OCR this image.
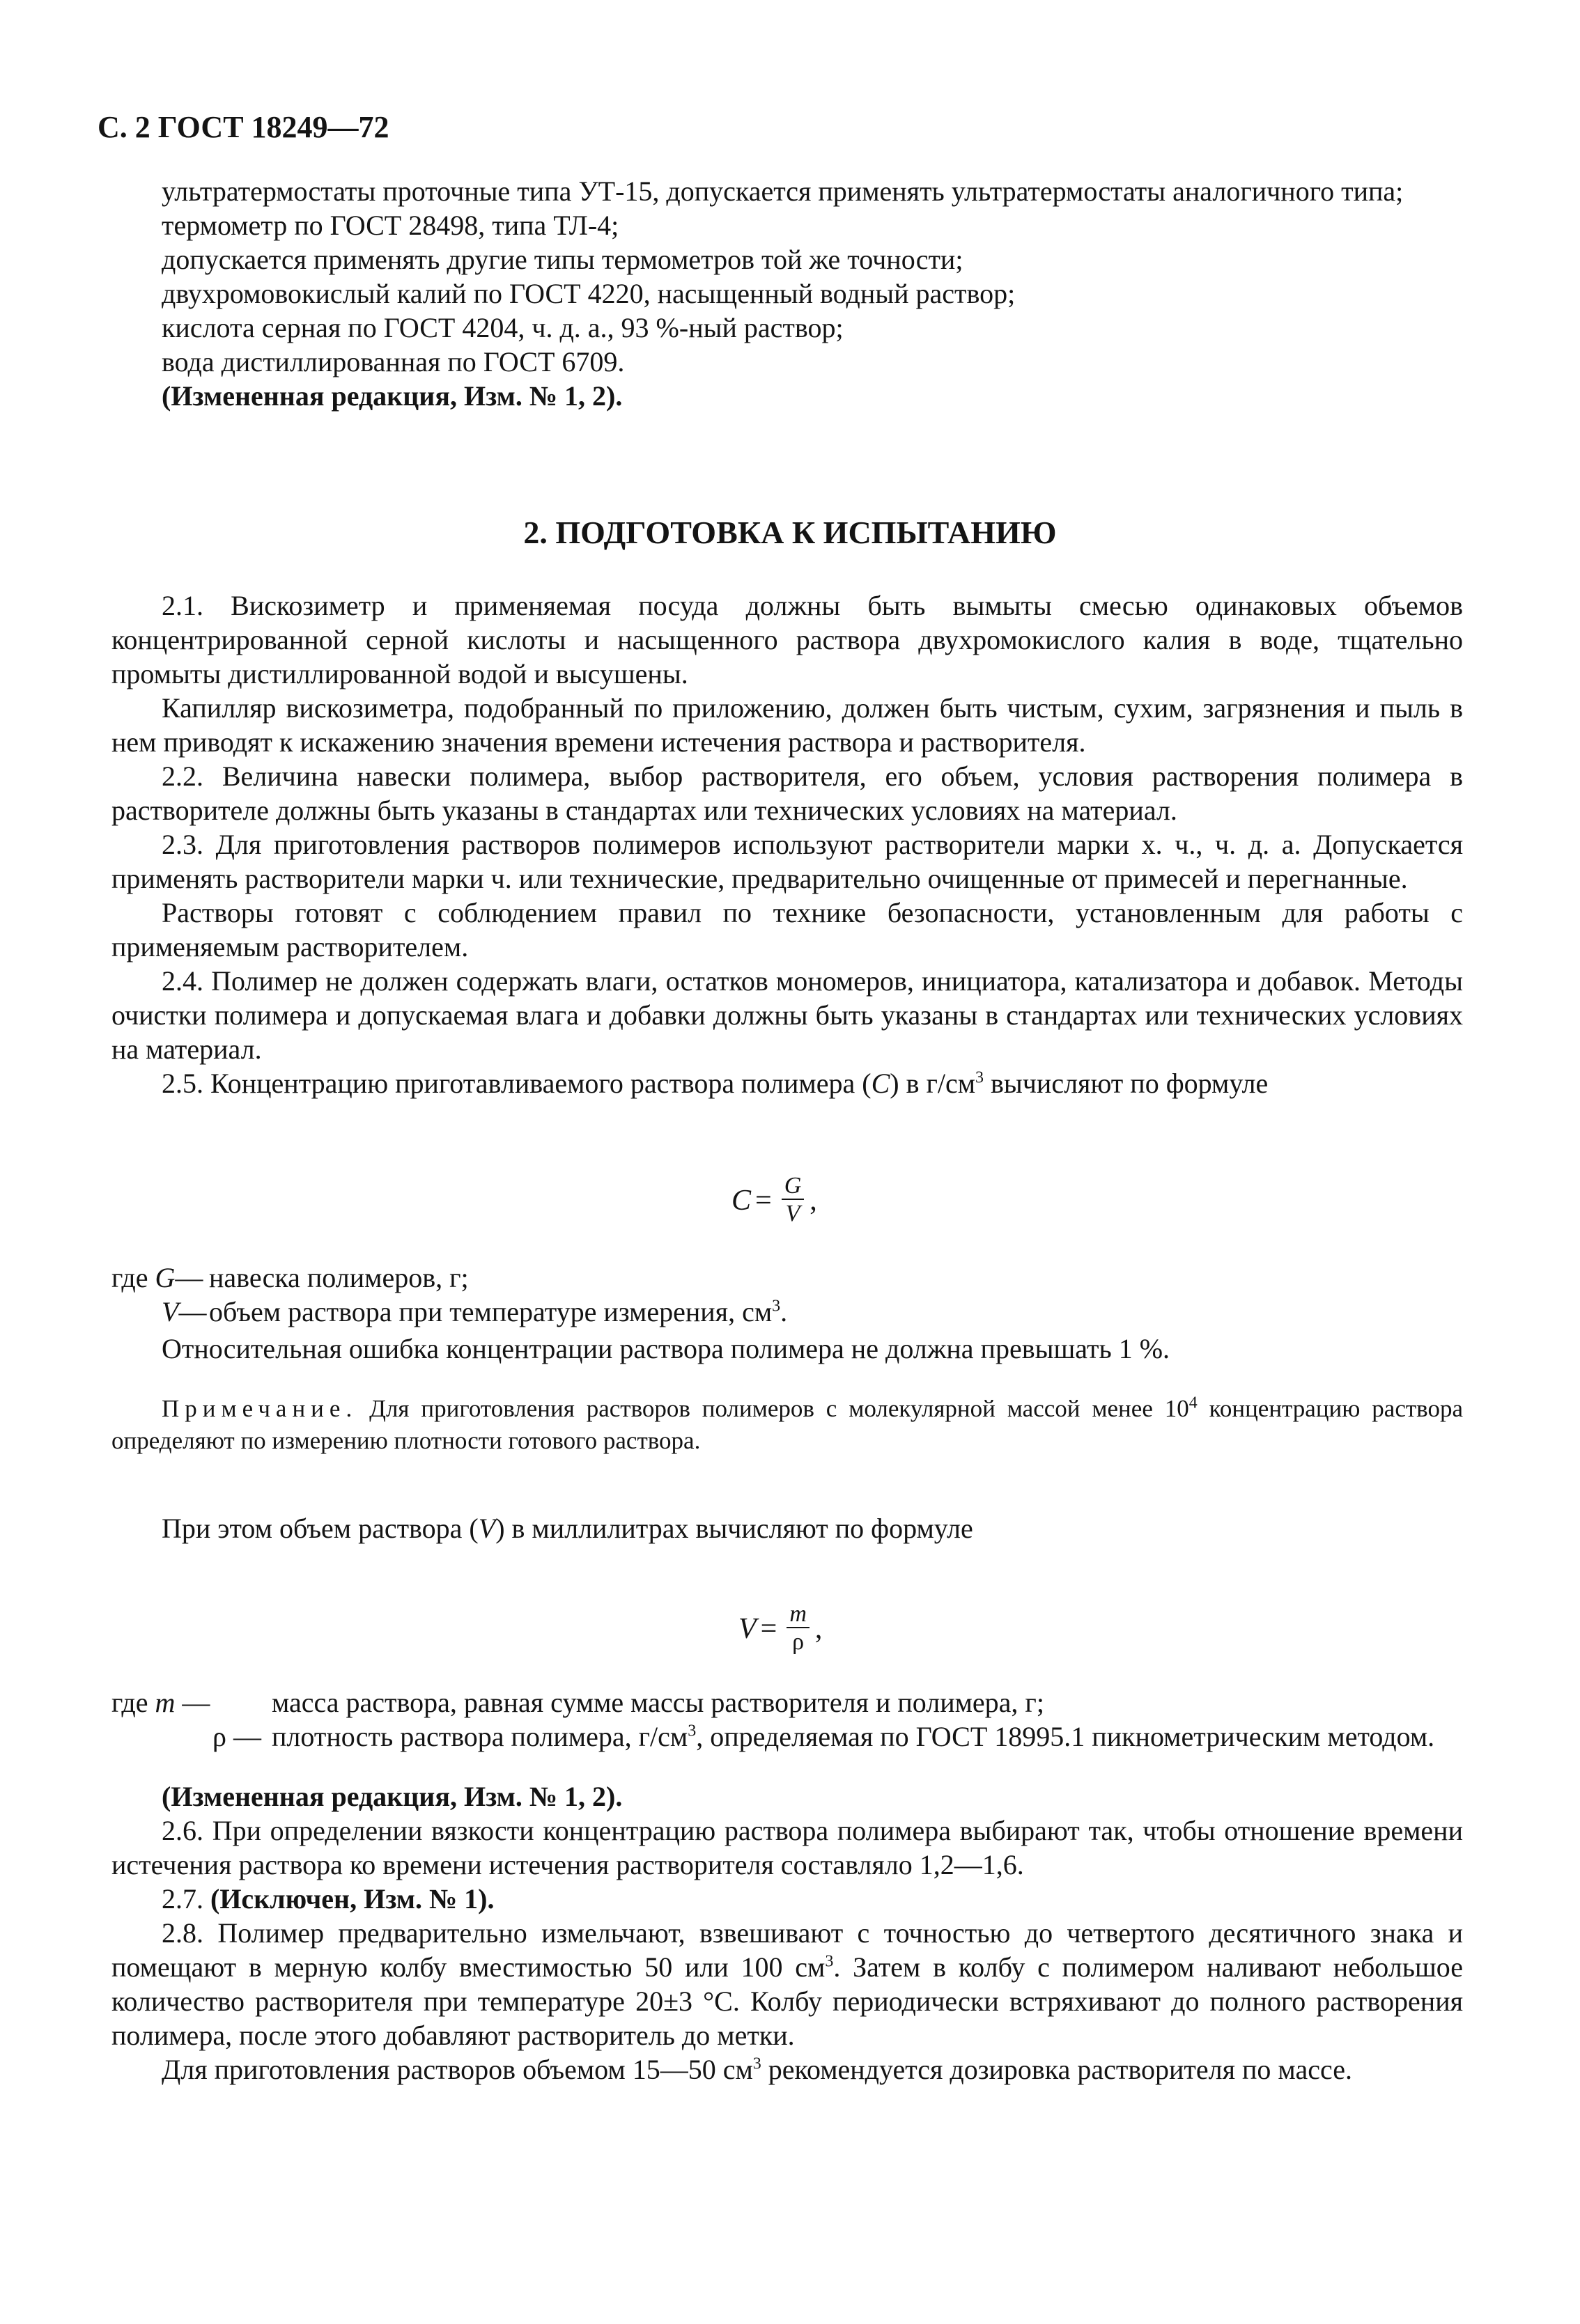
С. 2 ГОСТ 18249—72
ультратермостаты проточные типа УТ-15, допускается применять ультратермостаты аналогичного типа;
термометр по ГОСТ 28498, типа ТЛ-4;
допускается применять другие типы термометров той же точности;
двухромовокислый калий по ГОСТ 4220, насыщенный водный раствор;
кислота серная по ГОСТ 4204, ч. д. а., 93 %-ный раствор;
вода дистиллированная по ГОСТ 6709.
(Измененная редакция, Изм. № 1, 2).
2. ПОДГОТОВКА К ИСПЫТАНИЮ
2.1. Вискозиметр и применяемая посуда должны быть вымыты смесью одинаковых объемов концентрированной серной кислоты и насыщенного раствора двухромокислого калия в воде, тщательно промыты дистиллированной водой и высушены.
Капилляр вискозиметра, подобранный по приложению, должен быть чистым, сухим, загрязнения и пыль в нем приводят к искажению значения времени истечения раствора и растворителя.
2.2. Величина навески полимера, выбор растворителя, его объем, условия растворения полимера в растворителе должны быть указаны в стандартах или технических условиях на материал.
2.3. Для приготовления растворов полимеров используют растворители марки х. ч., ч. д. а. Допускается применять растворители марки ч. или технические, предварительно очищенные от примесей и перегнанные.
Растворы готовят с соблюдением правил по технике безопасности, установленным для работы с применяемым растворителем.
2.4. Полимер не должен содержать влаги, остатков мономеров, инициатора, катализатора и добавок. Методы очистки полимера и допускаемая влага и добавки должны быть указаны в стандартах или технических условиях на материал.
2.5. Концентрацию приготавливаемого раствора полимера (C) в $г/см^3$ вычисляют по формуле
$C = \frac{G}{V}$ ,
где G— навеска полимеров, г;
V— объем раствора при температуре измерения, $см^3$.
Относительная ошибка концентрации раствора полимера не должна превышать 1 %.
Примечание. Для приготовления растворов полимеров с молекулярной массой менее $10^4$ концентрацию раствора определяют по измерению плотности готового раствора.
При этом объем раствора (V) в миллилитрах вычисляют по формуле
$V = \frac{m}{\rho}$ ,
где m —	масса раствора, равная сумме массы растворителя и полимера, г;
ρ — плотность раствора полимера, $г/см^3$, определяемая по ГОСТ 18995.1 пикнометрическим методом.
(Измененная редакция, Изм. № 1, 2).
2.6. При определении вязкости концентрацию раствора полимера выбирают так, чтобы отношение времени истечения раствора ко времени истечения растворителя составляло 1,2—1,6.
2.7. (Исключен, Изм. № 1).
2.8. Полимер предварительно измельчают, взвешивают с точностью до четвертого десятичного знака и помещают в мерную колбу вместимостью 50 или 100 $см^3$. Затем в колбу с полимером наливают небольшое количество растворителя при температуре 20±3 °С. Колбу периодически встряхивают до полного растворения полимера, после этого добавляют растворитель до метки.
Для приготовления растворов объемом 15—50 $см^3$ рекомендуется дозировка растворителя по массе.
